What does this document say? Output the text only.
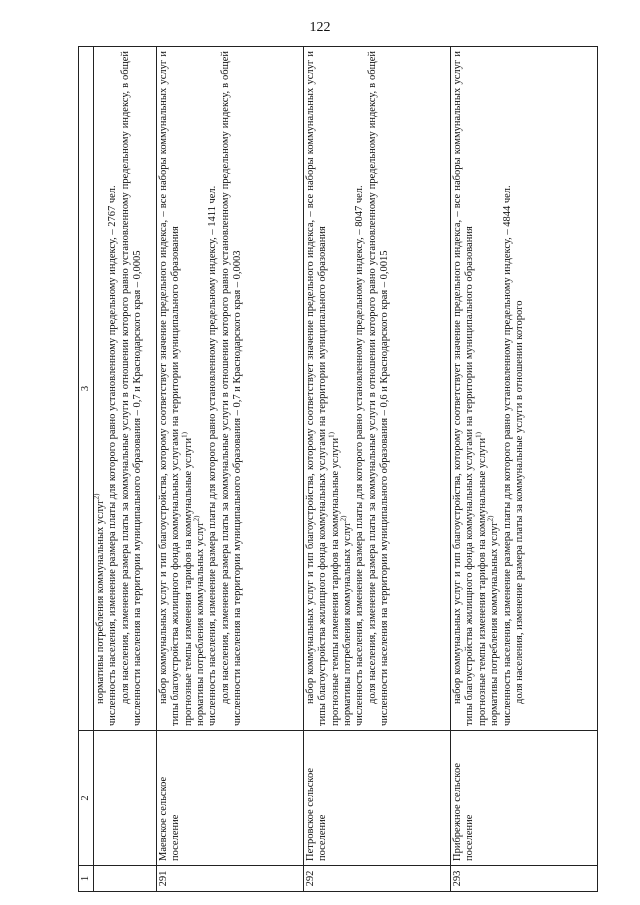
122
1	2	3

		нормативы потребления коммунальных услуг$^{2)}$ численность населения, изменение размера платы для которого равно установленному предельному индексу, – 2767 чел. доля населения, изменение размера платы за коммунальные услуги в отношении которого равно установленному предельному индексу, в общей численности населения на территории муниципального образования – 0,7 и Краснодарского края – 0,0005

291	Маевское сельское поселение	набор коммунальных услуг и тип благоустройства, которому соответствует значение предельного индекса, – все наборы коммунальных услуг и типы благоустройства жилищного фонда коммунальных услугами на территории муниципального образования прогнозные темпы изменения тарифов на коммунальные услуги$^{1)}$

нормативы потребления коммунальных услуг$^{2)}$ численность населения, изменение размера платы для которого равно установленному предельному индексу, – 1411 чел. доля населения, изменение размера платы за коммунальные услуги в отношении которого равно установленному предельному индексу, в общей численности населения на территории муниципального образования – 0,7 и Краснодарского края – 0,0003

292	Петровское сельское поселение	набор коммунальных услуг и тип благоустройства, которому соответствует значение предельного индекса, – все наборы коммунальных услуг и типы благоустройства жилищного фонда коммунальных услугами на территории муниципального образования прогнозные темпы изменения тарифов на коммунальные услуги$^{1)}$

нормативы потребления коммунальных услуг$^{2)}$ численность населения, изменение размера платы для которого равно установленному предельному индексу, – 8047 чел. доля населения, изменение размера платы за коммунальные услуги в отношении которого равно установленному предельному индексу, в общей численности населения на территории муниципального образования – 0,6 и Краснодарского края – 0,0015

293	Прибрежное сельское поселение	набор коммунальных услуг и тип благоустройства, которому соответствует значение предельного индекса, – все наборы коммунальных услуг и типы благоустройства жилищного фонда коммунальных услугами на территории муниципального образования прогнозные темпы изменения тарифов на коммунальные услуги$^{1)}$

нормативы потребления коммунальных услуг$^{2)}$ численность населения, изменение размера платы для которого равно установленному предельному индексу, – 4844 чел. доля населения, изменение размера платы за коммунальные услуги в отношении которого
